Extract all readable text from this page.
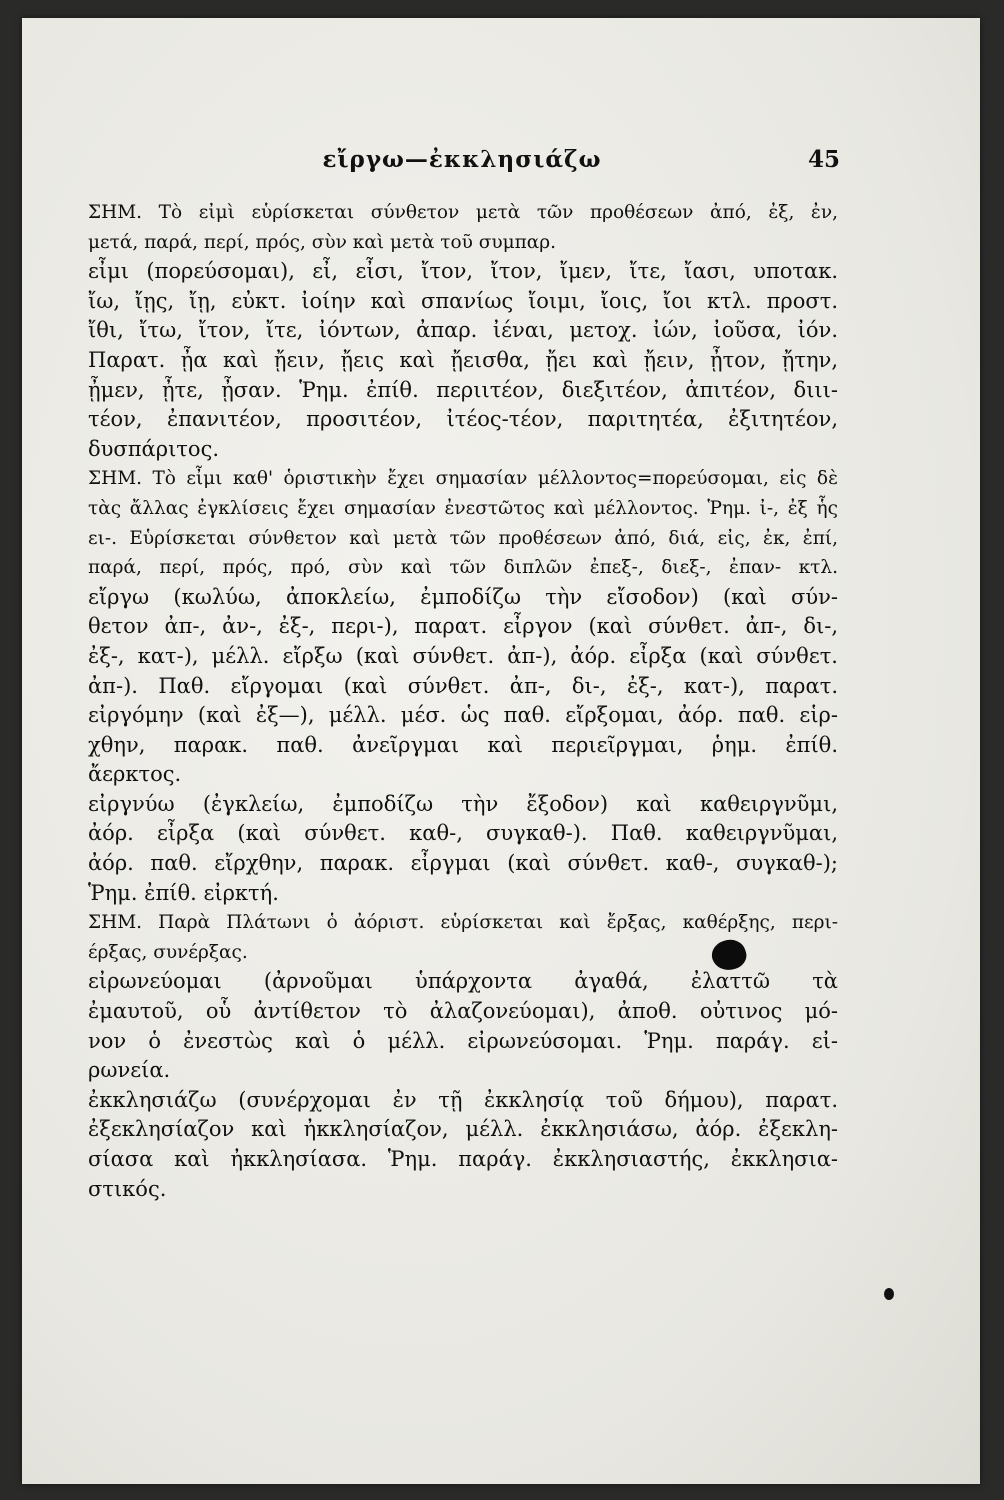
εἴργω—ἐκκλησιάζω	45
ΣΗΜ. Τὸ εἰμὶ εὑρίσκεται σύνθετον μετὰ τῶν προθέσεων ἀπό, ἐξ, ἐν,
μετά, παρά, περί, πρός, σὺν καὶ μετὰ τοῦ συμπαρ.
εἶμι (πορεύσομαι), εἶ, εἶσι, ἴτον, ἴτον, ἴμεν, ἴτε, ἴασι, υποτακ.
ἴω, ἴῃς, ἴῃ, εὐκτ. ἰοίην καὶ σπανίως ἴοιμι, ἴοις, ἴοι κτλ. προστ.
ἴθι, ἴτω, ἴτον, ἴτε, ἰόντων, ἀπαρ. ἰέναι, μετοχ. ἰών, ἰοῦσα, ἰόν.
Παρατ. ᾖα καὶ ᾔειν, ᾔεις καὶ ᾔεισθα, ᾔει καὶ ᾔειν, ᾖτον, ᾔτην,
ᾖμεν, ᾖτε, ᾖσαν. Ῥημ. ἐπίθ. περιιτέον, διεξιτέον, ἀπιτέον, διιι-
τέον, ἐπανιτέον, προσιτέον, ἰτέος-τέον, παριτητέα, ἐξιτητέον,
δυσπάριτος.
ΣΗΜ. Τὸ εἶμι καθ' ὁριστικὴν ἔχει σημασίαν μέλλοντος=πορεύσομαι, εἰς δὲ
τὰς ἄλλας ἐγκλίσεις ἔχει σημασίαν ἐνεστῶτος καὶ μέλλοντος. Ῥημ. ἰ-, ἐξ ἧς
ει-. Εὑρίσκεται σύνθετον καὶ μετὰ τῶν προθέσεων ἀπό, διά, εἰς, ἐκ, ἐπί,
παρά, περί, πρός, πρό, σὺν καὶ τῶν διπλῶν ἐπεξ-, διεξ-, ἐπαν- κτλ.
εἴργω (κωλύω, ἀποκλείω, ἐμποδίζω τὴν εἴσοδον) (καὶ σύν-
θετον ἀπ-, ἀν-, ἐξ-, περι-), παρατ. εἶργον (καὶ σύνθετ. ἀπ-, δι-,
ἐξ-, κατ-), μέλλ. εἴρξω (καὶ σύνθετ. ἀπ-), ἀόρ. εἶρξα (καὶ σύνθετ.
ἀπ-). Παθ. εἴργομαι (καὶ σύνθετ. ἀπ-, δι-, ἐξ-, κατ-), παρατ.
εἰργόμην (καὶ ἐξ—), μέλλ. μέσ. ὡς παθ. εἴρξομαι, ἀόρ. παθ. εἱρ-
χθην, παρακ. παθ. ἀνεῖργμαι καὶ περιεῖργμαι, ῥημ. ἐπίθ.
ἄερκτος.
εἰργνύω (ἐγκλείω, ἐμποδίζω τὴν ἔξοδον) καὶ καθειργνῦμι,
ἀόρ. εἶρξα (καὶ σύνθετ. καθ-, συγκαθ-). Παθ. καθειργνῦμαι,
ἀόρ. παθ. εἴρχθην, παρακ. εἶργμαι (καὶ σύνθετ. καθ-, συγκαθ-);
Ῥημ. ἐπίθ. εἰρκτή.
ΣΗΜ. Παρὰ Πλάτωνι ὁ ἀόριστ. εὑρίσκεται καὶ ἔρξας, καθέρξης, περι-
έρξας, συνέρξας.
εἰρωνεύομαι (ἀρνοῦμαι ὑπάρχοντα ἀγαθά, ἐλαττῶ τὰ
ἐμαυτοῦ, οὗ ἀντίθετον τὸ ἀλαζονεύομαι), ἀποθ. οὐτινος μό-
νον ὁ ἐνεστὼς καὶ ὁ μέλλ. εἰρωνεύσομαι. Ῥημ. παράγ. εἰ-
ρωνεία.
ἐκκλησιάζω (συνέρχομαι ἐν τῇ ἐκκλησίᾳ τοῦ δήμου), παρατ.
ἐξεκλησίαζον καὶ ἠκκλησίαζον, μέλλ. ἐκκλησιάσω, ἀόρ. ἐξεκλη-
σίασα καὶ ἠκκλησίασα. Ῥημ. παράγ. ἐκκλησιαστής, ἐκκλησια-
στικός.
